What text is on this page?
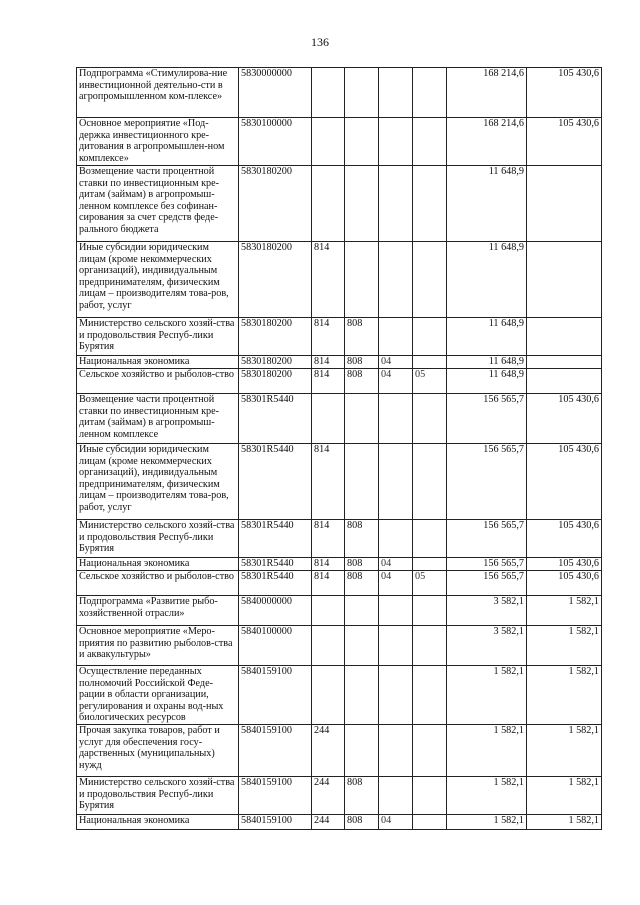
136
Подпрограмма «Стимулирова-ние инвестиционной деятельно-сти в агропромышленном ком-плексе»	5830000000					168 214,6	105 430,6
Основное мероприятие «Под-держка инвестиционного кре-дитования в агропромышлен-ном комплексе»	5830100000					168 214,6	105 430,6
Возмещение части процентной ставки по инвестиционным кре-дитам (займам) в агропромыш-ленном комплексе без софинан-сирования за счет средств феде-рального бюджета	5830180200					11 648,9	
Иные субсидии юридическим лицам (кроме некоммерческих организаций), индивидуальным предпринимателям, физическим лицам – производителям това-ров, работ, услуг	5830180200	814				11 648,9	
Министерство сельского хозяй-ства и продовольствия Респуб-лики Бурятия	5830180200	814	808			11 648,9	
Национальная экономика	5830180200	814	808	04		11 648,9	
Сельское хозяйство и рыболов-ство	5830180200	814	808	04	05	11 648,9	
Возмещение части процентной ставки по инвестиционным кре-дитам (займам) в агропромыш-ленном комплексе	58301R5440					156 565,7	105 430,6
Иные субсидии юридическим лицам (кроме некоммерческих организаций), индивидуальным предпринимателям, физическим лицам – производителям това-ров, работ, услуг	58301R5440	814				156 565,7	105 430,6
Министерство сельского хозяй-ства и продовольствия Респуб-лики Бурятия	58301R5440	814	808			156 565,7	105 430,6
Национальная экономика	58301R5440	814	808	04		156 565,7	105 430,6
Сельское хозяйство и рыболов-ство	58301R5440	814	808	04	05	156 565,7	105 430,6
Подпрограмма «Развитие рыбо-хозяйственной отрасли»	5840000000					3 582,1	1 582,1
Основное мероприятие «Меро-приятия по развитию рыболов-ства и аквакультуры»	5840100000					3 582,1	1 582,1
Осуществление переданных полномочий Российской Феде-рации в области организации, регулирования и охраны вод-ных биологических ресурсов	5840159100					1 582,1	1 582,1
Прочая закупка товаров, работ и услуг для обеспечения госу-дарственных (муниципальных) нужд	5840159100	244				1 582,1	1 582,1
Министерство сельского хозяй-ства и продовольствия Респуб-лики Бурятия	5840159100	244	808			1 582,1	1 582,1
Национальная экономика	5840159100	244	808	04		1 582,1	1 582,1
